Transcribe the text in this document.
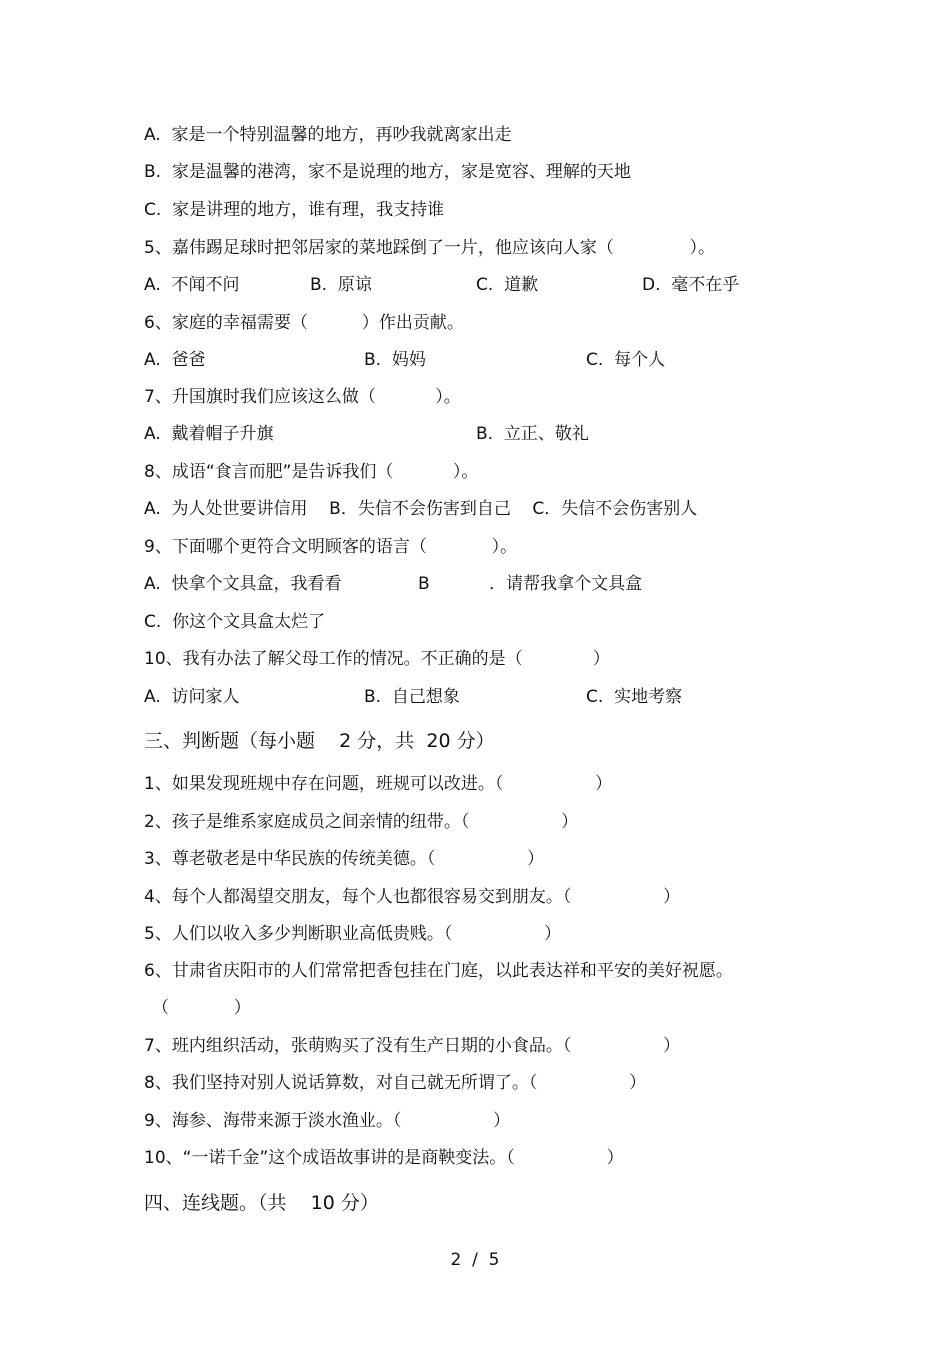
A.  家是一个特别温馨的地方，再吵我就离家出走
B.  家是温馨的港湾，家不是说理的地方，家是宽容、理解的天地
C.  家是讲理的地方，谁有理，我支持谁
5、嘉伟踢足球时把邻居家的菜地踩倒了一片，他应该向人家（              ）。
A.  不闻不问	B.  原谅	C.  道歉	D.  毫不在乎
6、家庭的幸福需要（          ）作出贡献。
A.  爸爸	B.  妈妈	C.  每个人
7、升国旗时我们应该这么做（           ）。
A.  戴着帽子升旗	B.  立正、敬礼
8、成语“食言而肥”是告诉我们（           ）。
A.  为人处世要讲信用    B．失信不会伤害到自己    C．失信不会伤害别人
9、下面哪个更符合文明顾客的语言（            ）。
A.  快拿个文具盒，我看看	B           ．请帮我拿个文具盒
C.  你这个文具盒太烂了
10、我有办法了解父母工作的情况。不正确的是（             ）
A.  访问家人	B.  自己想象	C.  实地考察
三、判断题（每小题    2 分，共  20 分）
1、如果发现班规中存在问题，班规可以改进。（                 ）
2、孩子是维系家庭成员之间亲情的纽带。（                 ）
3、尊老敬老是中华民族的传统美德。（                 ）
4、每个人都渴望交朋友，每个人也都很容易交到朋友。（                 ）
5、人们以收入多少判断职业高低贵贱。（                 ）
6、甘肃省庆阳市的人们常常把香包挂在门庭，以此表达祥和平安的美好祝愿。
（            ）
7、班内组织活动，张萌购买了没有生产日期的小食品。（                 ）
8、我们坚持对别人说话算数，对自己就无所谓了。（                 ）
9、海参、海带来源于淡水渔业。（                 ）
10、“一诺千金”这个成语故事讲的是商鞅变法。（                 ）
四、连线题。（共    10 分）
2  /  5
